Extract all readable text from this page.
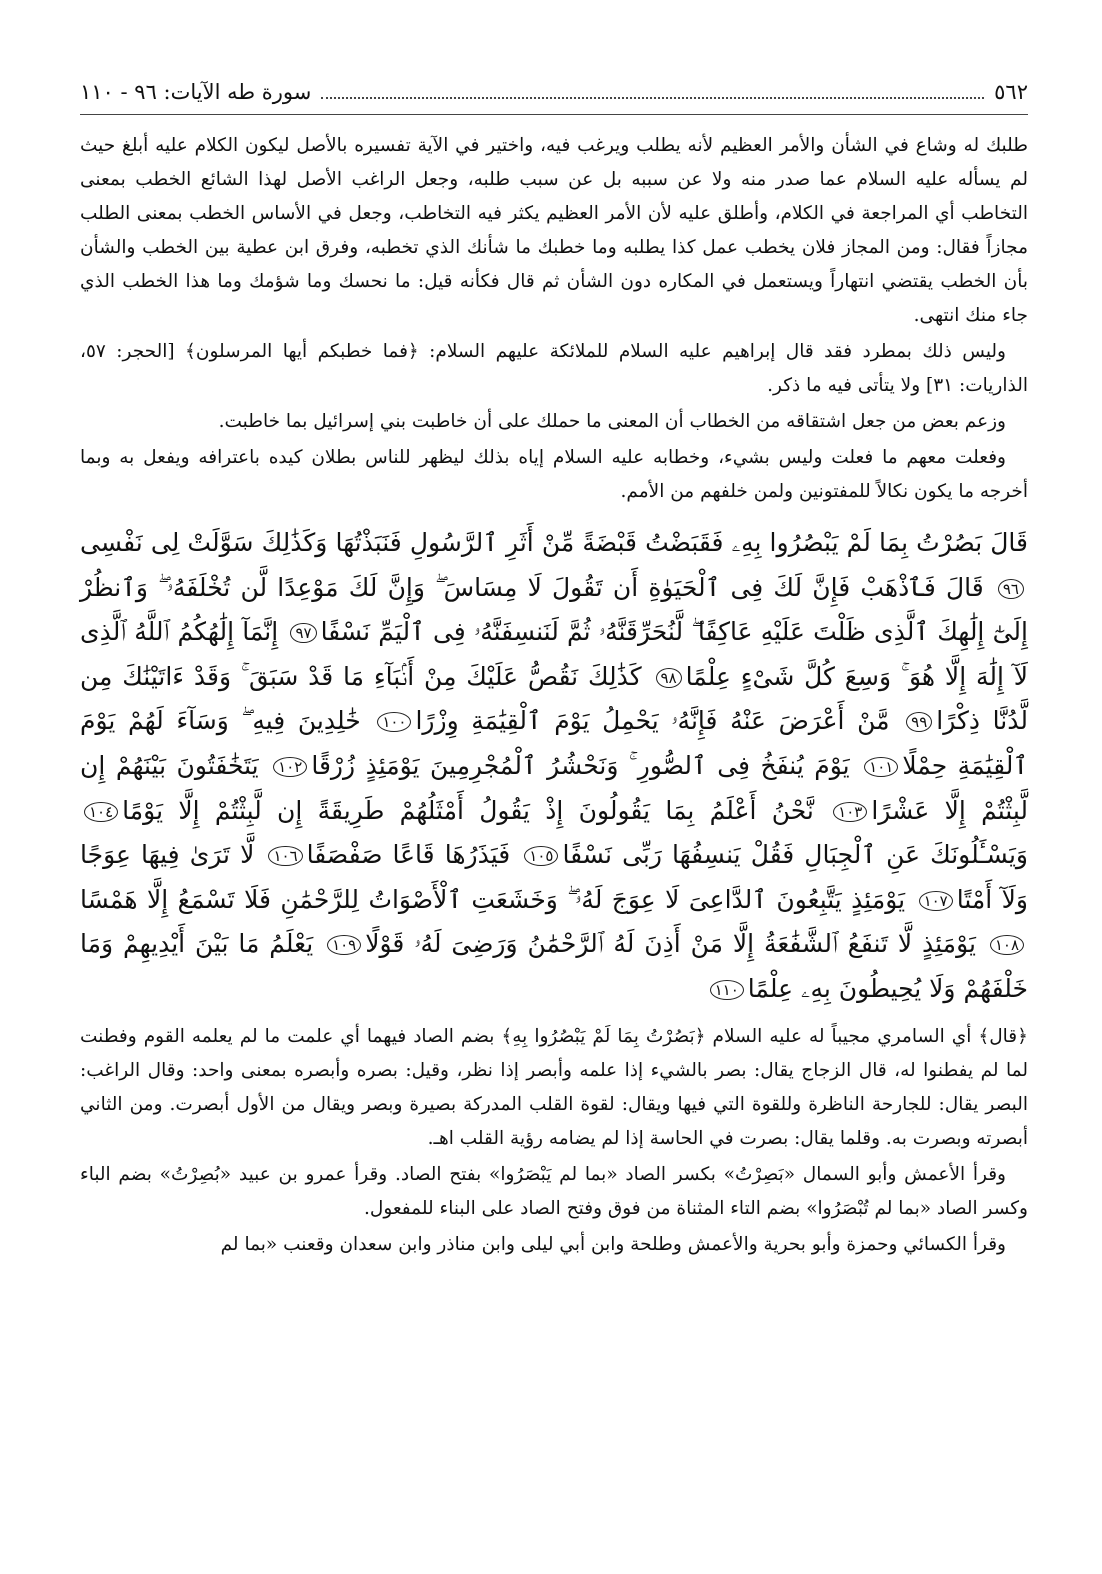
٥٦٢
سورة طه الآيات: ٩٦ - ١١٠

طلبك له وشاع في الشأن والأمر العظيم لأنه يطلب ويرغب فيه، واختير في الآية تفسيره بالأصل ليكون الكلام عليه أبلغ حيث لم يسأله عليه السلام عما صدر منه ولا عن سببه بل عن سبب طلبه، وجعل الراغب الأصل لهذا الشائع الخطب بمعنى التخاطب أي المراجعة في الكلام، وأطلق عليه لأن الأمر العظيم يكثر فيه التخاطب، وجعل في الأساس الخطب بمعنى الطلب مجازاً فقال: ومن المجاز فلان يخطب عمل كذا يطلبه وما خطبك ما شأنك الذي تخطبه، وفرق ابن عطية بين الخطب والشأن بأن الخطب يقتضي انتهاراً ويستعمل في المكاره دون الشأن ثم قال فكأنه قيل: ما نحسك وما شؤمك وما هذا الخطب الذي جاء منك انتهى.

وليس ذلك بمطرد فقد قال إبراهيم عليه السلام للملائكة عليهم السلام: ﴿فما خطبكم أيها المرسلون﴾ [الحجر: ٥٧، الذاريات: ٣١] ولا يتأتى فيه ما ذكر.

وزعم بعض من جعل اشتقاقه من الخطاب أن المعنى ما حملك على أن خاطبت بني إسرائيل بما خاطبت.

وفعلت معهم ما فعلت وليس بشيء، وخطابه عليه السلام إياه بذلك ليظهر للناس بطلان كيده باعترافه ويفعل به وبما أخرجه ما يكون نكالاً للمفتونين ولمن خلفهم من الأمم.

قَالَ بَصُرْتُ بِمَا لَمْ يَبْصُرُوا بِهِۦ فَقَبَضْتُ قَبْضَةً مِّنْ أَثَرِ ٱلرَّسُولِ فَنَبَذْتُهَا وَكَذَٰلِكَ سَوَّلَتْ لِى نَفْسِى٩٦ قَالَ فَٱذْهَبْ فَإِنَّ لَكَ فِى ٱلْحَيَوٰةِ أَن تَقُولَ لَا مِسَاسَ ۖ وَإِنَّ لَكَ مَوْعِدًا لَّن تُخْلَفَهُۥ ۖ وَٱنظُرْ إِلَىٰٓ إِلَٰهِكَ ٱلَّذِى ظَلْتَ عَلَيْهِ عَاكِفًا ۖ لَّنُحَرِّقَنَّهُۥ ثُمَّ لَنَنسِفَنَّهُۥ فِى ٱلْيَمِّ نَسْفًا٩٧ إِنَّمَآ إِلَٰهُكُمُ ٱللَّهُ ٱلَّذِى لَآ إِلَٰهَ إِلَّا هُوَ ۚ وَسِعَ كُلَّ شَىْءٍ عِلْمًا٩٨ كَذَٰلِكَ نَقُصُّ عَلَيْكَ مِنْ أَنۢبَآءِ مَا قَدْ سَبَقَ ۚ وَقَدْ ءَاتَيْنَٰكَ مِن لَّدُنَّا ذِكْرًا٩٩ مَّنْ أَعْرَضَ عَنْهُ فَإِنَّهُۥ يَحْمِلُ يَوْمَ ٱلْقِيَٰمَةِ وِزْرًا١٠٠ خَٰلِدِينَ فِيهِ ۖ وَسَآءَ لَهُمْ يَوْمَ ٱلْقِيَٰمَةِ حِمْلًا١٠١ يَوْمَ يُنفَخُ فِى ٱلصُّورِ ۚ وَنَحْشُرُ ٱلْمُجْرِمِينَ يَوْمَئِذٍ زُرْقًا١٠٢ يَتَخَٰفَتُونَ بَيْنَهُمْ إِن لَّبِثْتُمْ إِلَّا عَشْرًا١٠٣ نَّحْنُ أَعْلَمُ بِمَا يَقُولُونَ إِذْ يَقُولُ أَمْثَلُهُمْ طَرِيقَةً إِن لَّبِثْتُمْ إِلَّا يَوْمًا١٠٤ وَيَسْـَٔلُونَكَ عَنِ ٱلْجِبَالِ فَقُلْ يَنسِفُهَا رَبِّى نَسْفًا١٠٥ فَيَذَرُهَا قَاعًا صَفْصَفًا١٠٦ لَّا تَرَىٰ فِيهَا عِوَجًا وَلَآ أَمْتًا١٠٧ يَوْمَئِذٍ يَتَّبِعُونَ ٱلدَّاعِىَ لَا عِوَجَ لَهُۥ ۖ وَخَشَعَتِ ٱلْأَصْوَاتُ لِلرَّحْمَٰنِ فَلَا تَسْمَعُ إِلَّا هَمْسًا١٠٨ يَوْمَئِذٍ لَّا تَنفَعُ ٱلشَّفَٰعَةُ إِلَّا مَنْ أَذِنَ لَهُ ٱلرَّحْمَٰنُ وَرَضِىَ لَهُۥ قَوْلًا١٠٩ يَعْلَمُ مَا بَيْنَ أَيْدِيهِمْ وَمَا خَلْفَهُمْ وَلَا يُحِيطُونَ بِهِۦ عِلْمًا١١٠

﴿قال﴾ أي السامري مجيباً له عليه السلام ﴿بَصُرْتُ بِمَا لَمْ يَبْصُرُوا بِهِ﴾ بضم الصاد فيهما أي علمت ما لم يعلمه القوم وفطنت لما لم يفطنوا له، قال الزجاج يقال: بصر بالشيء إذا علمه وأبصر إذا نظر، وقيل: بصره وأبصره بمعنى واحد: وقال الراغب: البصر يقال: للجارحة الناظرة وللقوة التي فيها ويقال: لقوة القلب المدركة بصيرة وبصر ويقال من الأول أبصرت. ومن الثاني أبصرته وبصرت به. وقلما يقال: بصرت في الحاسة إذا لم يضامه رؤية القلب اهـ.

وقرأ الأعمش وأبو السمال «بَصِرْتُ» بكسر الصاد «بما لم يَبْصَرُوا» بفتح الصاد. وقرأ عمرو بن عبيد «بُصِرْتُ» بضم الباء وكسر الصاد «بما لم تُبْصَرُوا» بضم التاء المثناة من فوق وفتح الصاد على البناء للمفعول.

وقرأ الكسائي وحمزة وأبو بحرية والأعمش وطلحة وابن أبي ليلى وابن مناذر وابن سعدان وقعنب «بما لم
